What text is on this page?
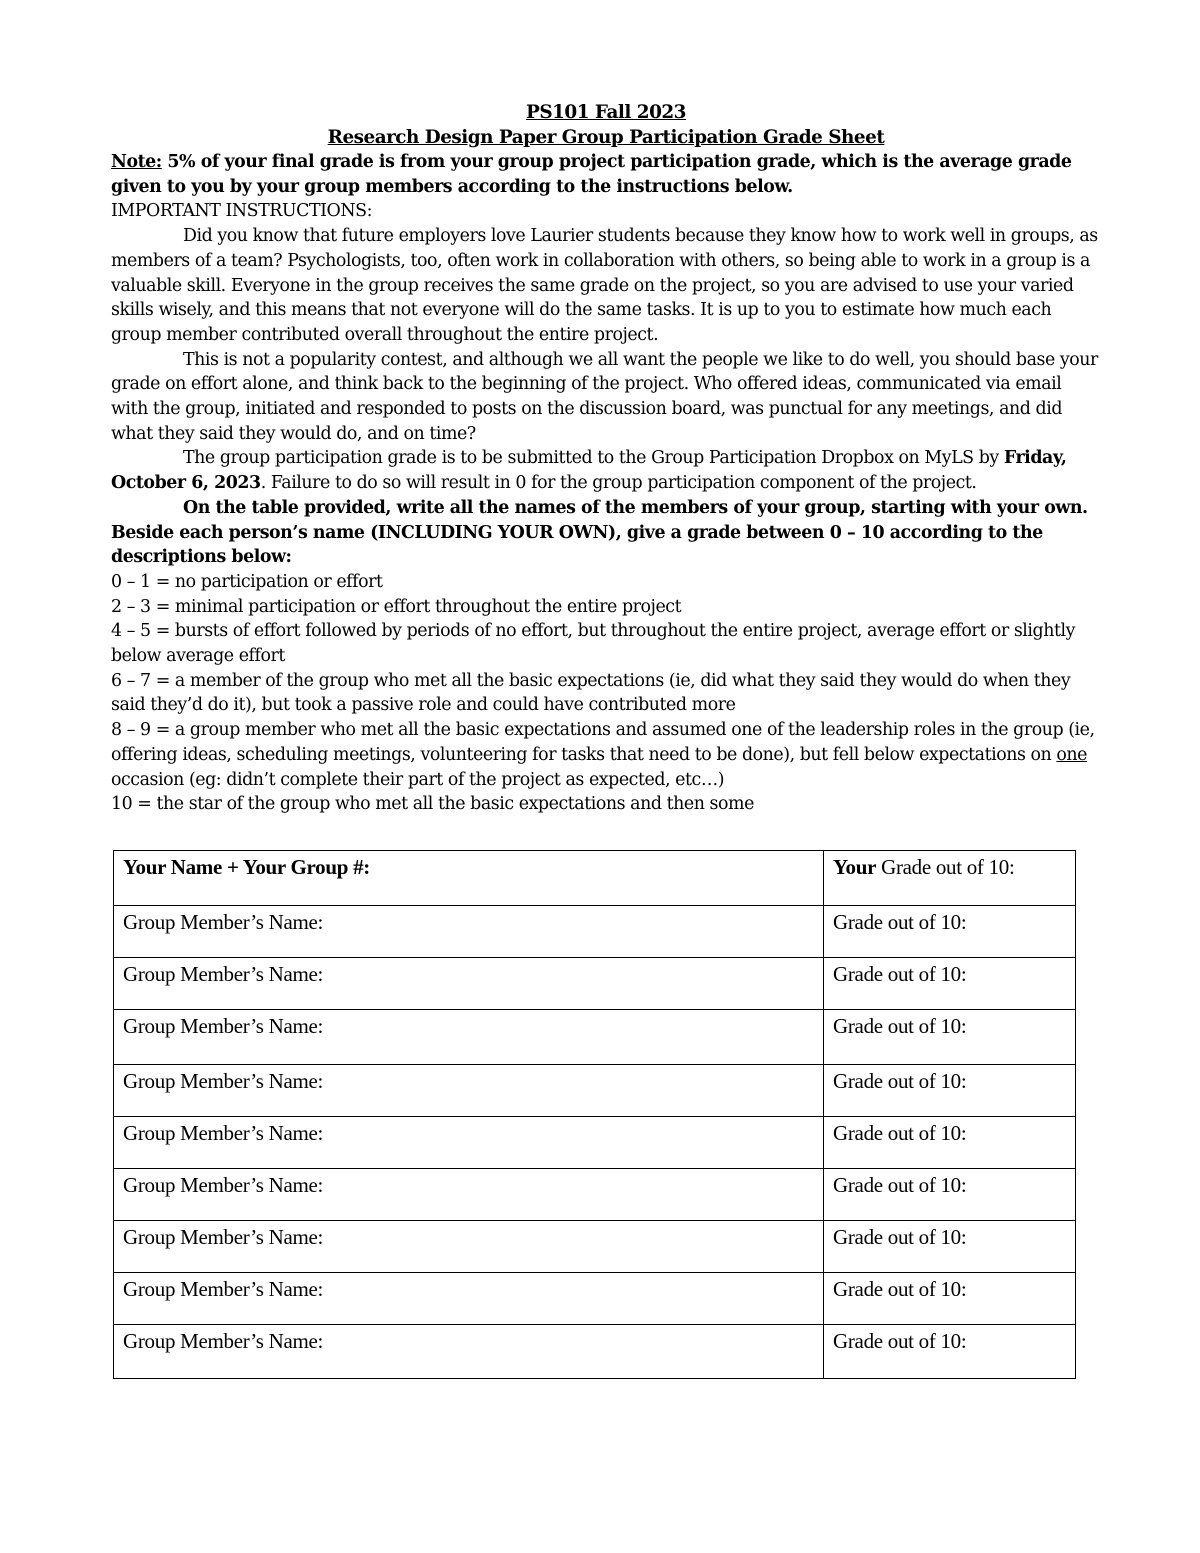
PS101 Fall 2023
Research Design Paper Group Participation Grade Sheet

Note: 5% of your final grade is from your group project participation grade, which is the average grade given to you by your group members according to the instructions below.

IMPORTANT INSTRUCTIONS:

Did you know that future employers love Laurier students because they know how to work well in groups, as members of a team? Psychologists, too, often work in collaboration with others, so being able to work in a group is a valuable skill. Everyone in the group receives the same grade on the project, so you are advised to use your varied skills wisely, and this means that not everyone will do the same tasks. It is up to you to estimate how much each group member contributed overall throughout the entire project.

This is not a popularity contest, and although we all want the people we like to do well, you should base your grade on effort alone, and think back to the beginning of the project. Who offered ideas, communicated via email with the group, initiated and responded to posts on the discussion board, was punctual for any meetings, and did what they said they would do, and on time?

The group participation grade is to be submitted to the Group Participation Dropbox on MyLS by Friday, October 6, 2023. Failure to do so will result in 0 for the group participation component of the project.

On the table provided, write all the names of the members of your group, starting with your own. Beside each person’s name (INCLUDING YOUR OWN), give a grade between 0 – 10 according to the descriptions below:

0 – 1 = no participation or effort

2 – 3 = minimal participation or effort throughout the entire project

4 – 5 = bursts of effort followed by periods of no effort, but throughout the entire project, average effort or slightly below average effort

6 – 7 = a member of the group who met all the basic expectations (ie, did what they said they would do when they said they’d do it), but took a passive role and could have contributed more

8 – 9 = a group member who met all the basic expectations and assumed one of the leadership roles in the group (ie, offering ideas, scheduling meetings, volunteering for tasks that need to be done), but fell below expectations on one occasion (eg: didn’t complete their part of the project as expected, etc…)

10 = the star of the group who met all the basic expectations and then some

Your Name + Your Group #:	Your Grade out of 10:

Group Member’s Name:	Grade out of 10:

Group Member’s Name:	Grade out of 10:

Group Member’s Name:	Grade out of 10:

Group Member’s Name:	Grade out of 10:

Group Member’s Name:	Grade out of 10:

Group Member’s Name:	Grade out of 10:

Group Member’s Name:	Grade out of 10:

Group Member’s Name:	Grade out of 10:

Group Member’s Name:	Grade out of 10:
